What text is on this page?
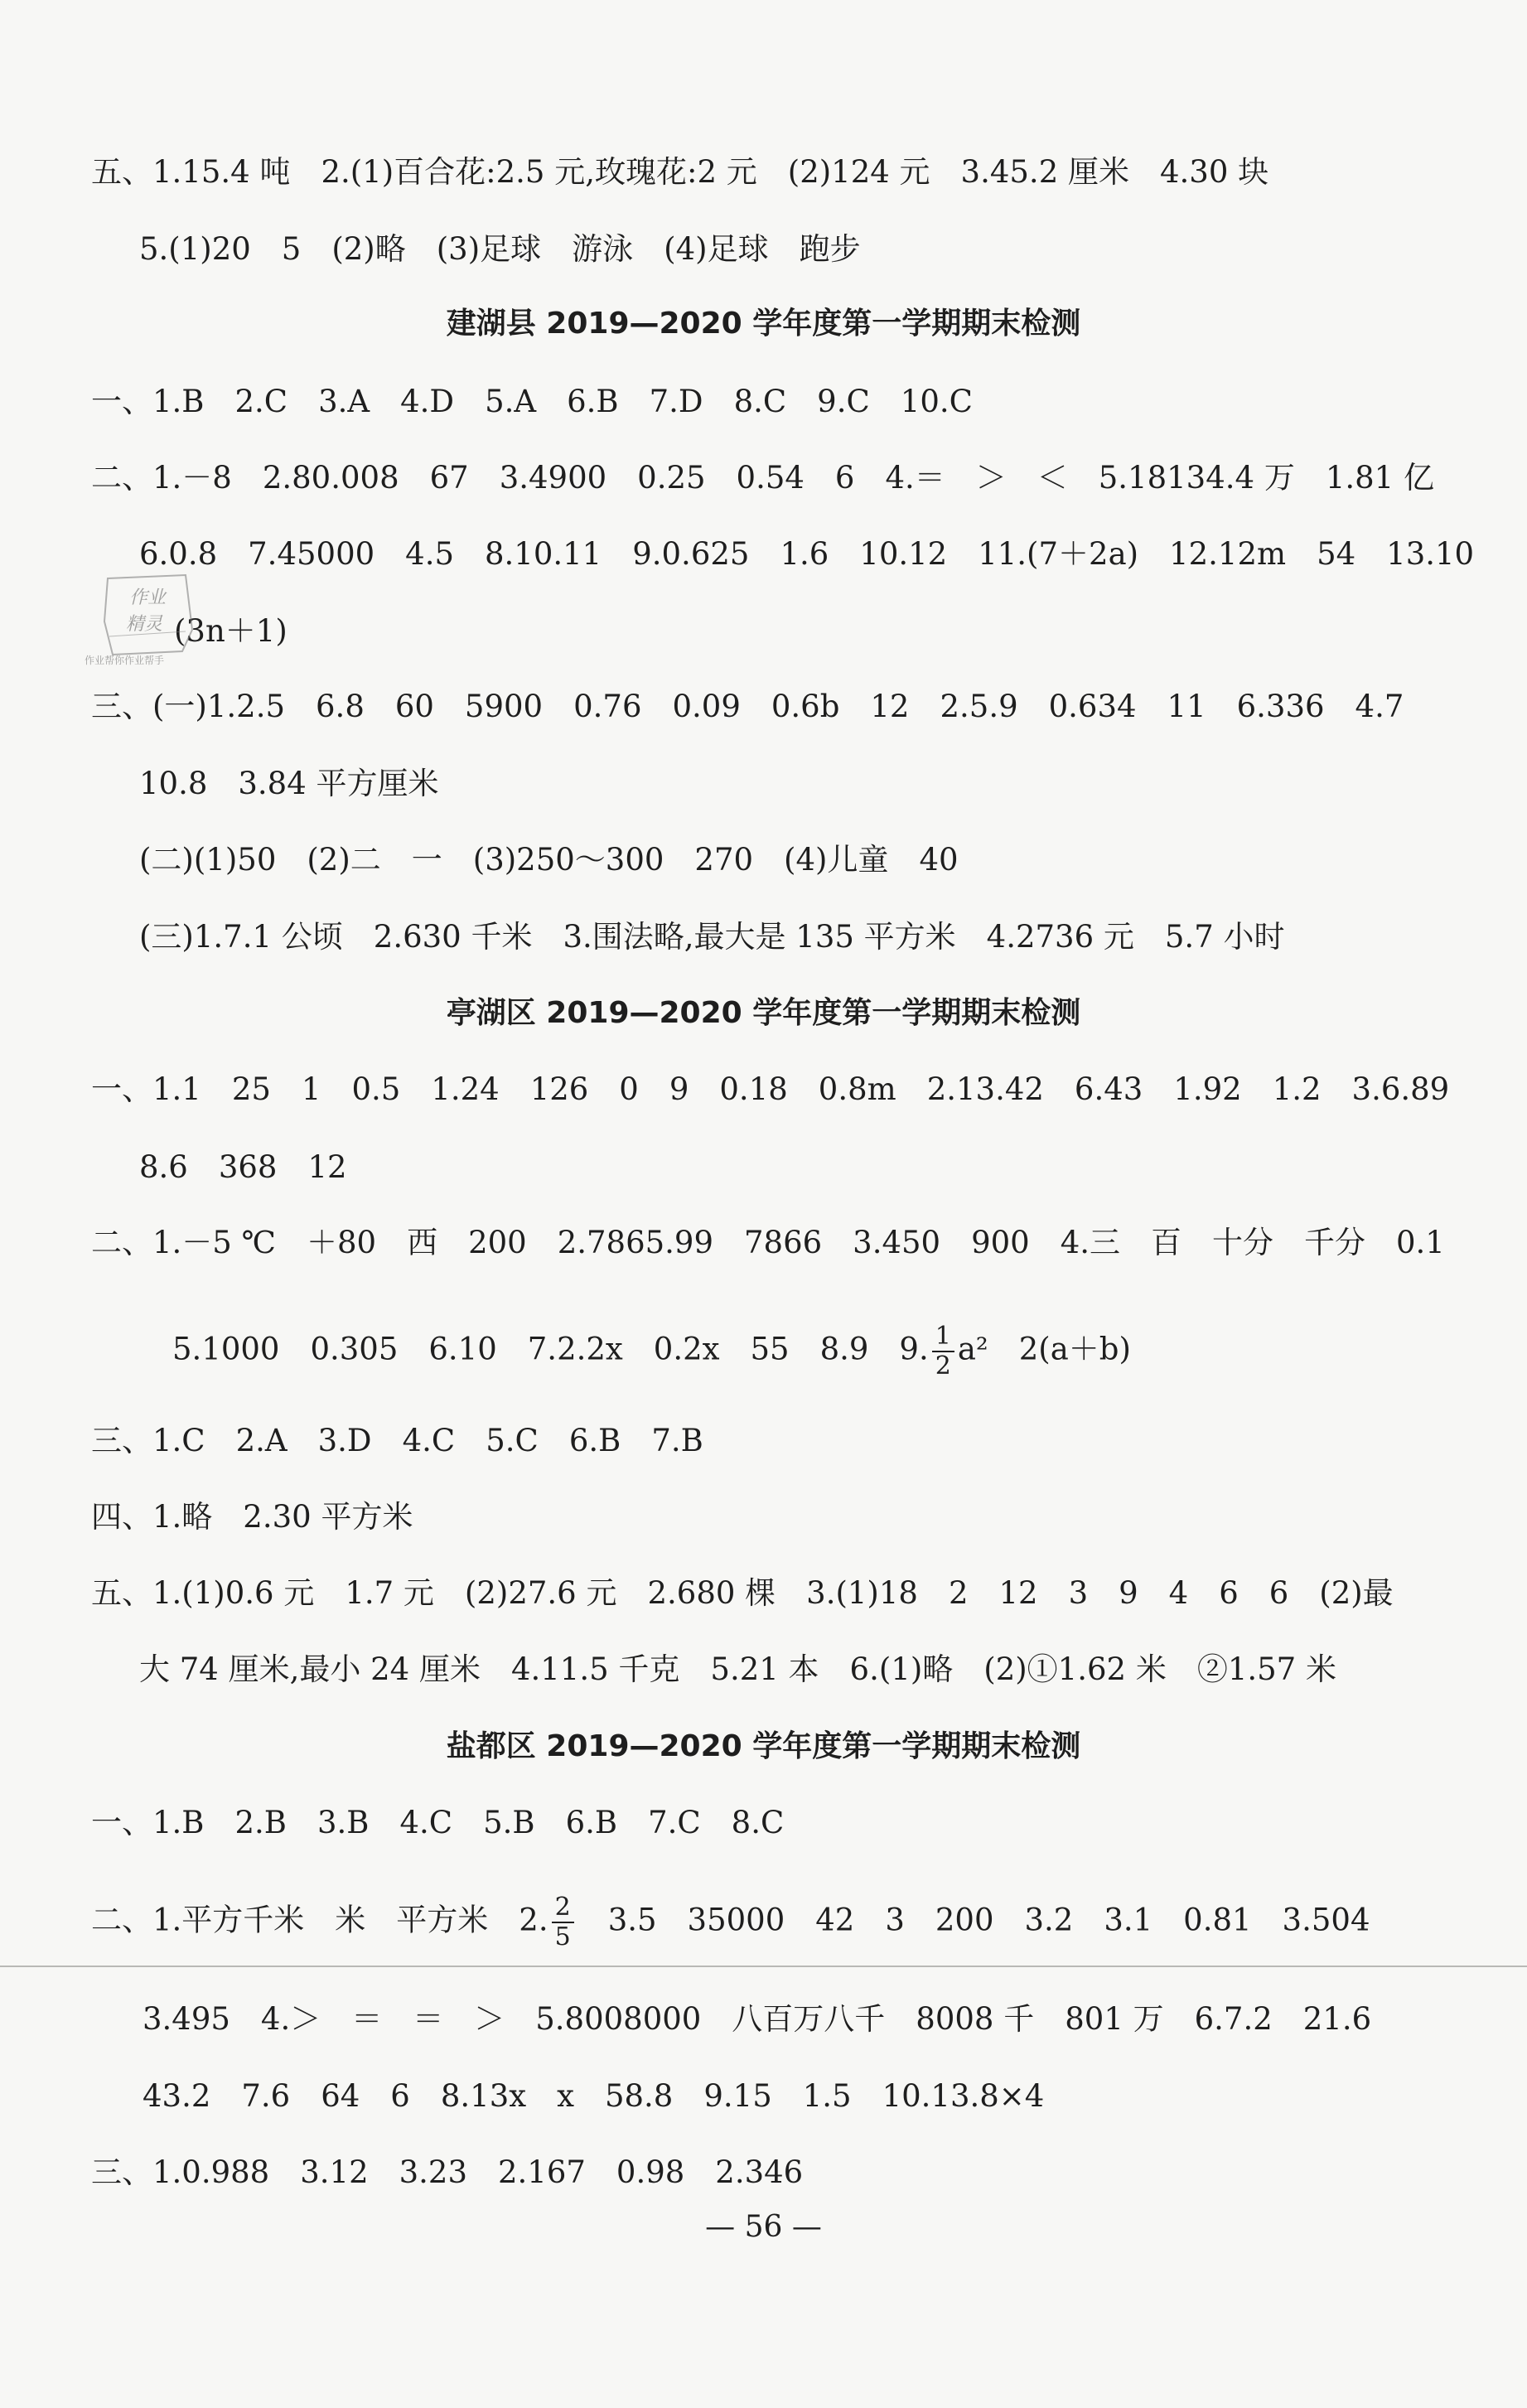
五、1.15.4 吨　2.(1)百合花:2.5 元,玫瑰花:2 元　(2)124 元　3.45.2 厘米　4.30 块
5.(1)20　5　(2)略　(3)足球　游泳　(4)足球　跑步
建湖县 2019—2020 学年度第一学期期末检测
一、1.B　2.C　3.A　4.D　5.A　6.B　7.D　8.C　9.C　10.C
二、1.－8　2.80.008　67　3.4900　0.25　0.54　6　4.＝　＞　＜　5.18134.4 万　1.81 亿
6.0.8　7.45000　4.5　8.10.11　9.0.625　1.6　10.12　11.(7＋2a)　12.12m　54　13.10
(3n＋1)
作业
精灵
作业帮你作业帮手
三、(一)1.2.5　6.8　60　5900　0.76　0.09　0.6b　12　2.5.9　0.634　11　6.336　4.7
10.8　3.84 平方厘米
(二)(1)50　(2)二　一　(3)250～300　270　(4)儿童　40
(三)1.7.1 公顷　2.630 千米　3.围法略,最大是 135 平方米　4.2736 元　5.7 小时
亭湖区 2019—2020 学年度第一学期期末检测
一、1.1　25　1　0.5　1.24　126　0　9　0.18　0.8m　2.13.42　6.43　1.92　1.2　3.6.89
8.6　368　12
二、1.－5 ℃　＋80　西　200　2.7865.99　7866　3.450　900　4.三　百　十分　千分　0.1
5.1000　0.305　6.10　7.2.2x　0.2x　55　8.9　9. $\frac{1}{2} a^2$　 2(a＋b)
三、1.C　2.A　3.D　4.C　5.C　6.B　7.B
四、1.略　2.30 平方米
五、1.(1)0.6 元　1.7 元　(2)27.6 元　2.680 棵　3.(1)18　2　12　3　9　4　6　6　(2)最
大 74 厘米,最小 24 厘米　4.11.5 千克　5.21 本　6.(1)略　(2)①1.62 米　②1.57 米
盐都区 2019—2020 学年度第一学期期末检测
一、1.B　2.B　3.B　4.C　5.B　6.B　7.C　8.C
二、1.平方千米　米　平方米　2. $\frac{2}{5}$
　 3.5　35000　42　3　200　3.2　3.1　0.81　3.504
3.495　4.＞　＝　＝　＞　5.8008000　八百万八千　8008 千　801 万　6.7.2　21.6
43.2　7.6　64　6　8.13x　x　58.8　9.15　1.5　10.13.8×4
三、1.0.988　3.12　3.23　2.167　0.98　2.346
— 56 —
